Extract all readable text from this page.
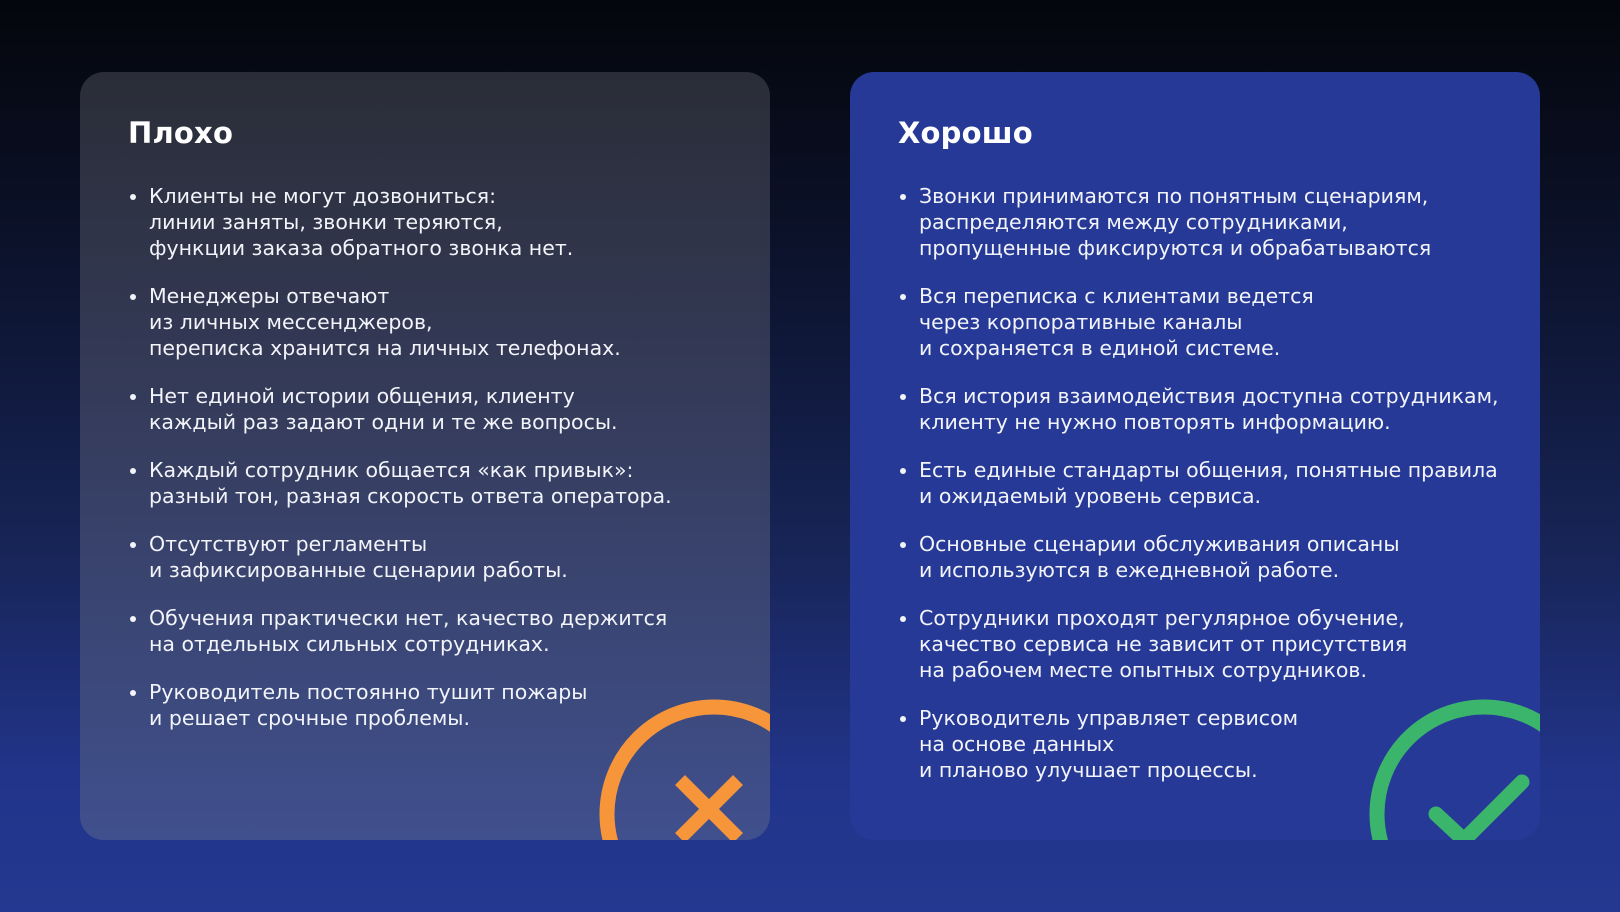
Плохо
Клиенты не могут дозвониться:
линии заняты, звонки теряются,
функции заказа обратного звонка нет.
Менеджеры отвечают
из личных мессенджеров,
переписка хранится на личных телефонах.
Нет единой истории общения, клиенту
каждый раз задают одни и те же вопросы.
Каждый сотрудник общается «как привык»:
разный тон, разная скорость ответа оператора.
Отсутствуют регламенты
и зафиксированные сценарии работы.
Обучения практически нет, качество держится
на отдельных сильных сотрудниках.
Руководитель постоянно тушит пожары
и решает срочные проблемы.
Хорошо
Звонки принимаются по понятным сценариям,
распределяются между сотрудниками,
пропущенные фиксируются и обрабатываются
Вся переписка с клиентами ведется
через корпоративные каналы
и сохраняется в единой системе.
Вся история взаимодействия доступна сотрудникам,
клиенту не нужно повторять информацию.
Есть единые стандарты общения, понятные правила
и ожидаемый уровень сервиса.
Основные сценарии обслуживания описаны
и используются в ежедневной работе.
Сотрудники проходят регулярное обучение,
качество сервиса не зависит от присутствия
на рабочем месте опытных сотрудников.
Руководитель управляет сервисом
на основе данных
и планово улучшает процессы.
